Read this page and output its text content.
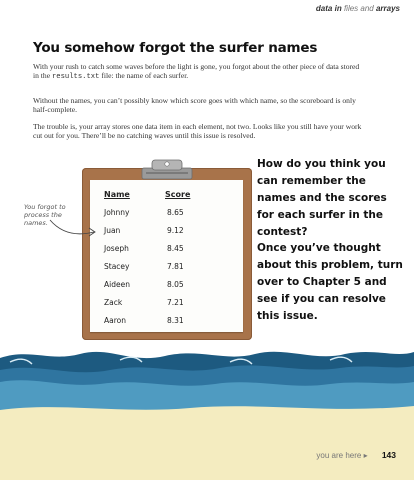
data in files and arrays
You somehow forgot the surfer names

With your rush to catch some waves before the light is gone, you forgot about the other piece of data stored in the results.txt file: the name of each surfer.

Without the names, you can’t possibly know which score goes with which name, so the scoreboard is only half-complete.

The trouble is, your array stores one data item in each element, not two. Looks like you still have your work cut out for you. There’ll be no catching waves until this issue is resolved.

Name	Score
Johnny	8.65
Juan	9.12
Joseph	8.45
Stacey	7.81
Aideen	8.05
Zack	7.21
Aaron	8.31
You forgot to process the names.

How do you think you can remember the names and the scores for each surfer in the contest?

Once you’ve thought about this problem, turn over to Chapter 5 and see if you can resolve this issue.

you are here ▸ 143
